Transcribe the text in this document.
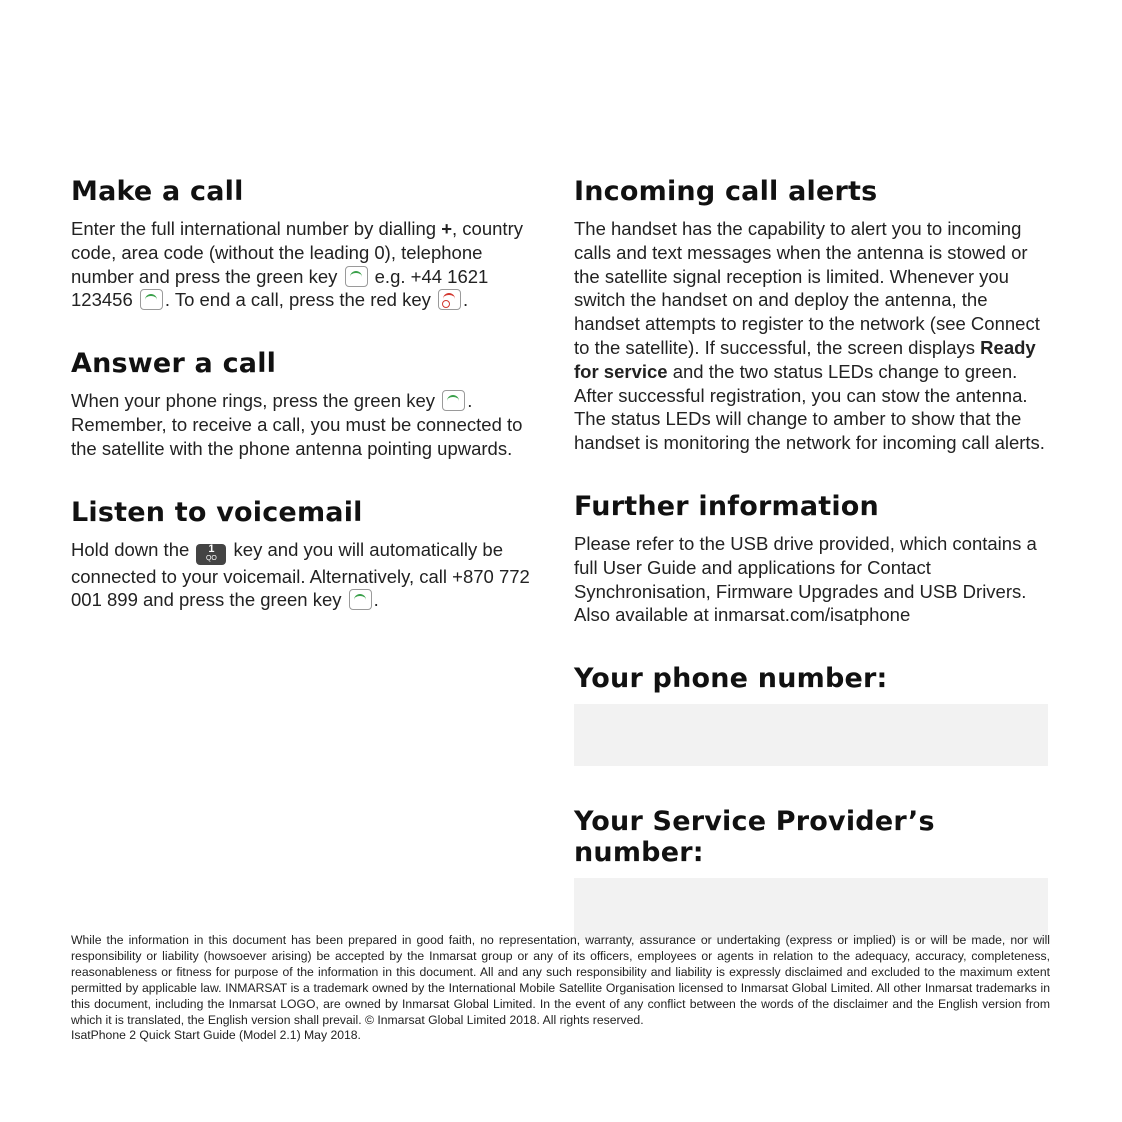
Make a call

Enter the full international number by dialling +, country code, area code (without the leading 0), telephone number and press the green key  e.g. +44 1621 123456 . To end a call, press the red key .

Answer a call

When your phone rings, press the green key . Remember, to receive a call, you must be connected to the satellite with the phone antenna pointing upwards.

Listen to voicemail

Hold down the 1
QO key and you will automatically be connected to your voicemail. Alternatively, call +870 772 001 899 and press the green key .

Incoming call alerts

The handset has the capability to alert you to incoming calls and text messages when the antenna is stowed or the satellite signal reception is limited. Whenever you switch the handset on and deploy the antenna, the handset attempts to register to the network (see Connect to the satellite). If successful, the screen displays Ready for service and the two status LEDs change to green. After successful registration, you can stow the antenna. The status LEDs will change to amber to show that the handset is monitoring the network for incoming call alerts.

Further information

Please refer to the USB drive provided, which contains a full User Guide and applications for Contact Synchronisation, Firmware Upgrades and USB Drivers. Also available at inmarsat.com/isatphone

Your phone number:
Your Service Provider’s number:

While the information in this document has been prepared in good faith, no representation, warranty, assurance or undertaking (express or implied) is or will be made, nor will responsibility or liability (howsoever arising) be accepted by the Inmarsat group or any of its officers, employees or agents in relation to the adequacy, accuracy, completeness, reasonableness or fitness for purpose of the information in this document. All and any such responsibility and liability is expressly disclaimed and excluded to the maximum extent permitted by applicable law. INMARSAT is a trademark owned by the International Mobile Satellite Organisation licensed to Inmarsat Global Limited. All other Inmarsat trademarks in this document, including the Inmarsat LOGO, are owned by Inmarsat Global Limited. In the event of any conflict between the words of the disclaimer and the English version from which it is translated, the English version shall prevail. © Inmarsat Global Limited 2018. All rights reserved.

IsatPhone 2 Quick Start Guide (Model 2.1) May 2018.
